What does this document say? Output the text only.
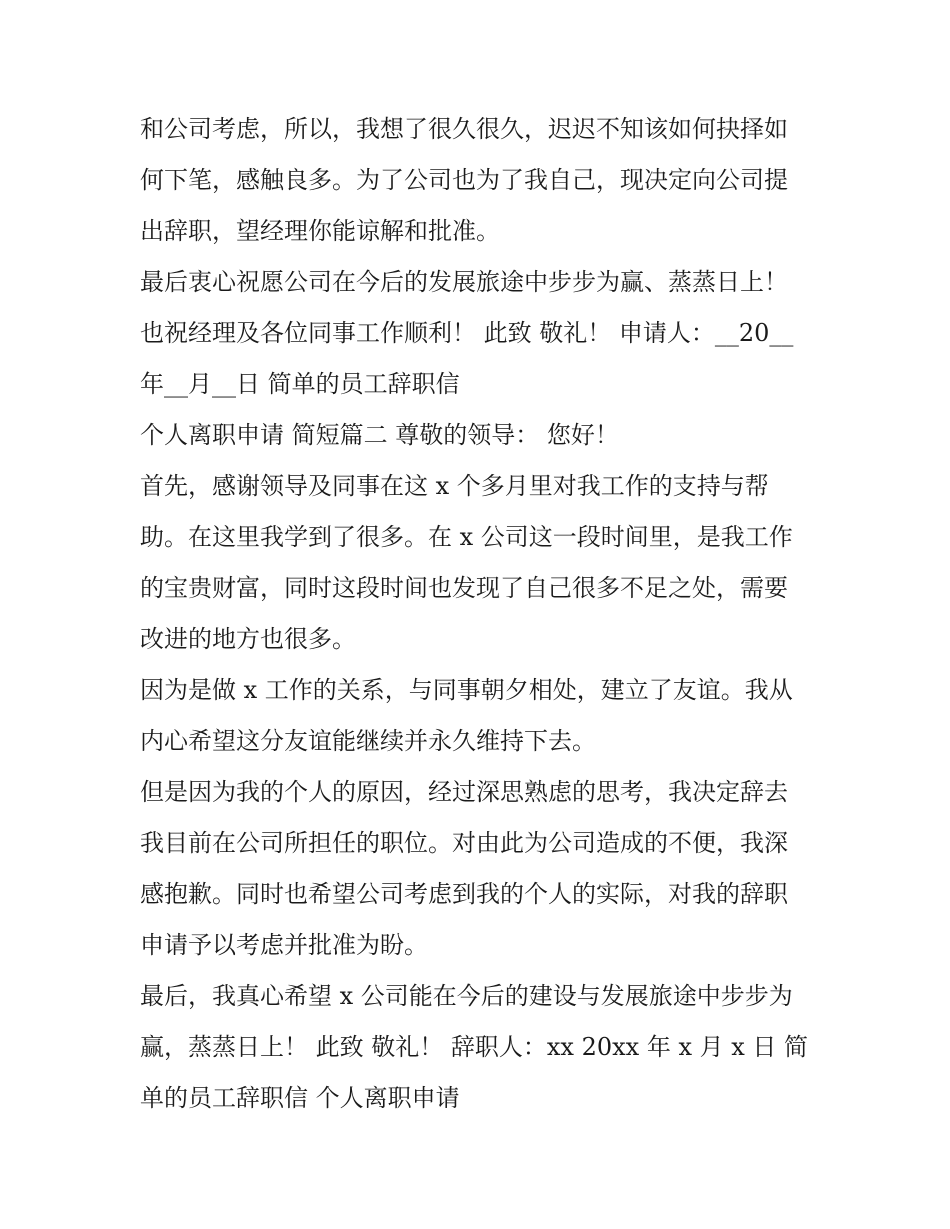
和公司考虑，所以，我想了很久很久，迟迟不知该如何抉择如
何下笔，感触良多。为了公司也为了我自己，现决定向公司提
出辞职，望经理你能谅解和批准。
最后衷心祝愿公司在今后的发展旅途中步步为赢、蒸蒸日上！
也祝经理及各位同事工作顺利！ 此致 敬礼！ 申请人：__20__
年__月__日 简单的员工辞职信
个人离职申请 简短篇二 尊敬的领导： 您好！
首先，感谢领导及同事在这 x 个多月里对我工作的支持与帮
助。在这里我学到了很多。在 x 公司这一段时间里，是我工作
的宝贵财富，同时这段时间也发现了自己很多不足之处，需要
改进的地方也很多。
因为是做 x 工作的关系，与同事朝夕相处，建立了友谊。我从
内心希望这分友谊能继续并永久维持下去。
但是因为我的个人的原因，经过深思熟虑的思考，我决定辞去
我目前在公司所担任的职位。对由此为公司造成的不便，我深
感抱歉。同时也希望公司考虑到我的个人的实际，对我的辞职
申请予以考虑并批准为盼。
最后，我真心希望 x 公司能在今后的建设与发展旅途中步步为
赢，蒸蒸日上！ 此致 敬礼！ 辞职人：xx 20xx 年 x 月 x 日 简
单的员工辞职信 个人离职申请
